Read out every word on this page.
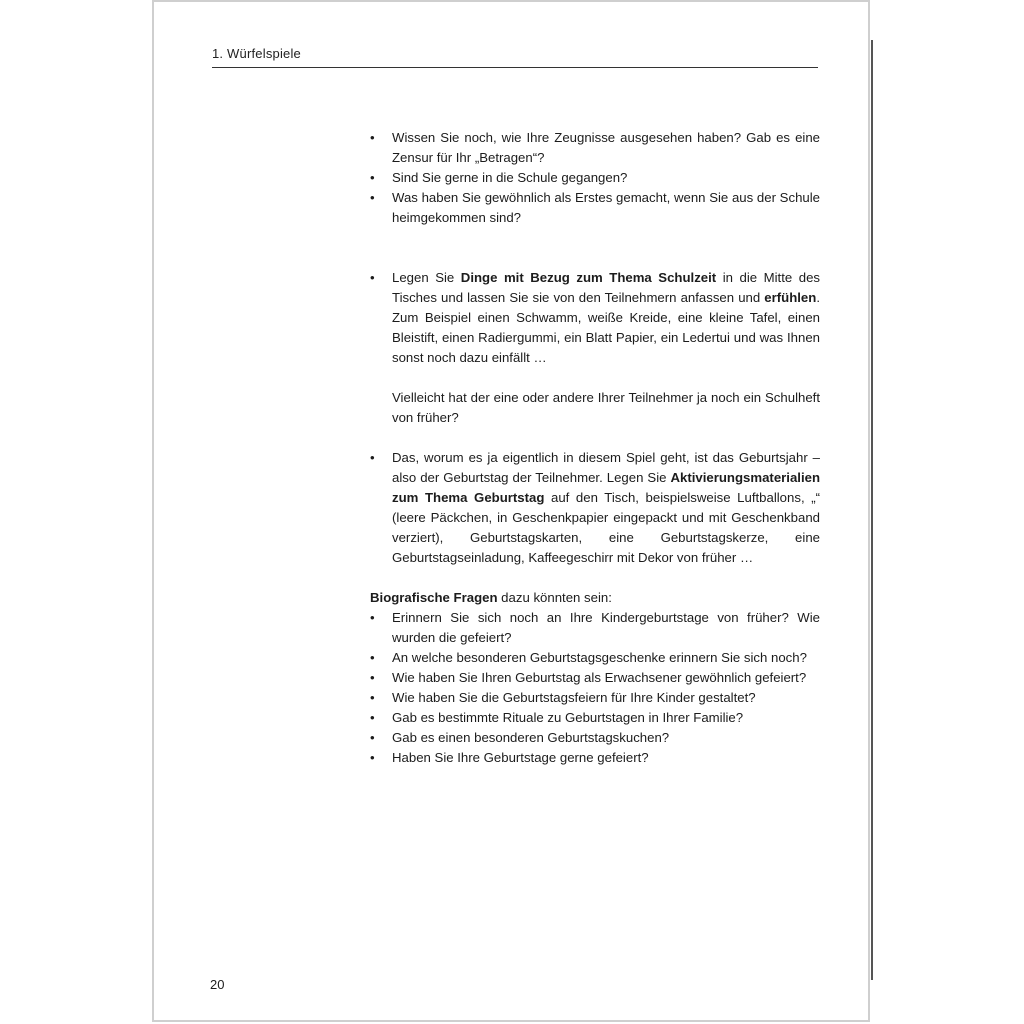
1. Würfelspiele
• Wissen Sie noch, wie Ihre Zeugnisse ausgesehen haben? Gab es eine Zensur für Ihr „Betragen“?
• Sind Sie gerne in die Schule gegangen?
• Was haben Sie gewöhnlich als Erstes gemacht, wenn Sie aus der Schule heimgekommen sind?
• Legen Sie Dinge mit Bezug zum Thema Schulzeit in die Mitte des Tisches und lassen Sie sie von den Teilnehmern anfassen und erfühlen. Zum Beispiel einen Schwamm, weiße Kreide, eine kleine Tafel, einen Bleistift, einen Radiergummi, ein Blatt Papier, ein Ledertui und was Ihnen sonst noch dazu einfällt …
Vielleicht hat der eine oder andere Ihrer Teilnehmer ja noch ein Schulheft von früher?
• Das, worum es ja eigentlich in diesem Spiel geht, ist das Geburtsjahr – also der Geburtstag der Teilnehmer. Legen Sie Aktivierungsmaterialien zum Thema Geburtstag auf den Tisch, beispielsweise Luftballons, „“ (leere Päckchen, in Geschenkpapier eingepackt und mit Geschenkband verziert), Geburtstagskarten, eine Geburtstagskerze, eine Geburtstagseinladung, Kaffeegeschirr mit Dekor von früher …
Biografische Fragen dazu könnten sein:
• Erinnern Sie sich noch an Ihre Kindergeburtstage von früher? Wie wurden die gefeiert?
• An welche besonderen Geburtstagsgeschenke erinnern Sie sich noch?
• Wie haben Sie Ihren Geburtstag als Erwachsener gewöhnlich gefeiert?
• Wie haben Sie die Geburtstagsfeiern für Ihre Kinder gestaltet?
• Gab es bestimmte Rituale zu Geburtstagen in Ihrer Familie?
• Gab es einen besonderen Geburtstagskuchen?
• Haben Sie Ihre Geburtstage gerne gefeiert?
20
